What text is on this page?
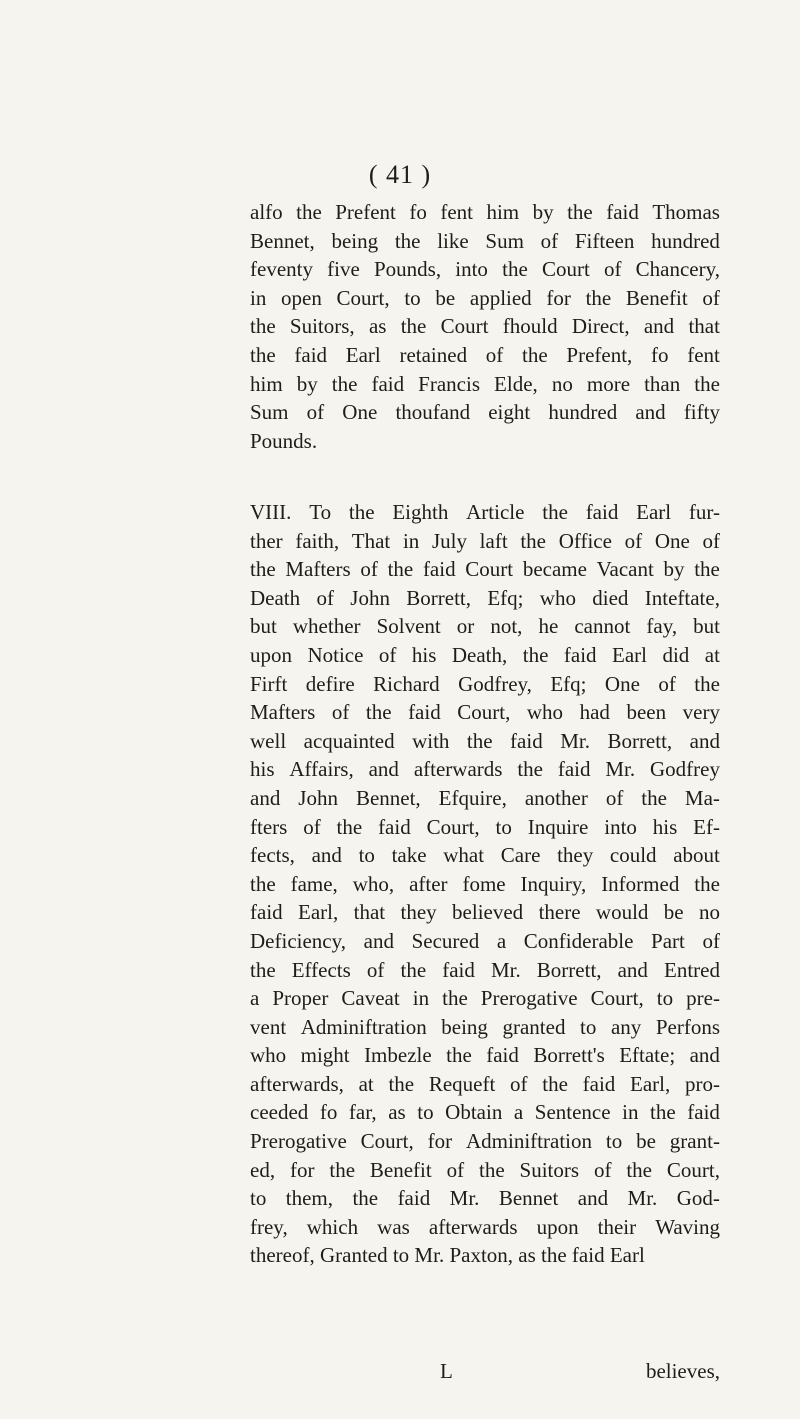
( 41 )
alfo the Prefent fo fent him by the faid Thomas
Bennet, being the like Sum of Fifteen hundred
feventy five Pounds, into the Court of Chancery,
in open Court, to be applied for the Benefit of
the Suitors, as the Court fhould Direct, and that
the faid Earl retained of the Prefent, fo fent
him by the faid Francis Elde, no more than the
Sum of One thoufand eight hundred and fifty
Pounds.
VIII. To the Eighth Article the faid Earl fur-
ther faith, That in July laft the Office of One of
the Mafters of the faid Court became Vacant by the
Death of John Borrett, Efq; who died Inteftate,
but whether Solvent or not, he cannot fay, but
upon Notice of his Death, the faid Earl did at
Firft defire Richard Godfrey, Efq; One of the
Mafters of the faid Court, who had been very
well acquainted with the faid Mr. Borrett, and
his Affairs, and afterwards the faid Mr. Godfrey
and John Bennet, Efquire, another of the Ma-
fters of the faid Court, to Inquire into his Ef-
fects, and to take what Care they could about
the fame, who, after fome Inquiry, Informed the
faid Earl, that they believed there would be no
Deficiency, and Secured a Confiderable Part of
the Effects of the faid Mr. Borrett, and Entred
a Proper Caveat in the Prerogative Court, to pre-
vent Adminiftration being granted to any Perfons
who might Imbezle the faid Borrett's Eftate; and
afterwards, at the Requeft of the faid Earl, pro-
ceeded fo far, as to Obtain a Sentence in the faid
Prerogative Court, for Adminiftration to be grant-
ed, for the Benefit of the Suitors of the Court,
to them, the faid Mr. Bennet and Mr. God-
frey, which was afterwards upon their Waving
thereof, Granted to Mr. Paxton, as the faid Earl
L	believes,
